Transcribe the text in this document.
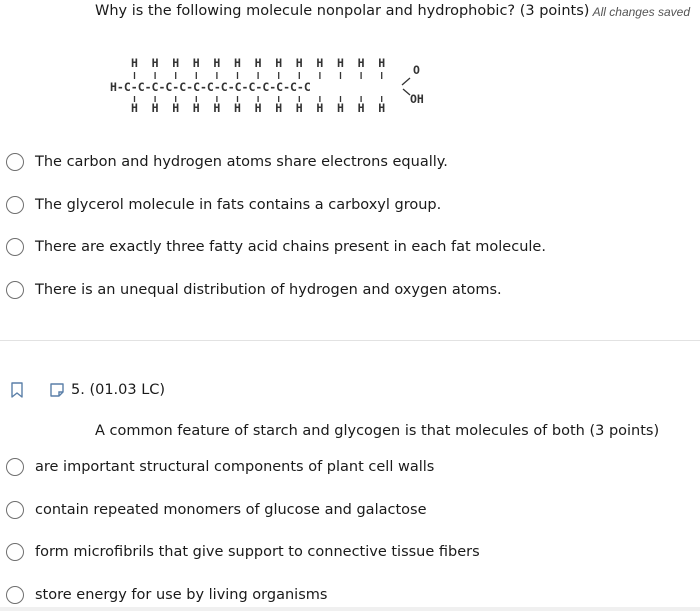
Why is the following molecule nonpolar and hydrophobic? (3 points) All changes saved
H H H H H H H H H H H H H
H H H H H H H H H H H H H
H-C-C-C-C-C-C-C-C-C-C-C-C-C-C
O
OH
The carbon and hydrogen atoms share electrons equally.
The glycerol molecule in fats contains a carboxyl group.
There are exactly three fatty acid chains present in each fat molecule.
There is an unequal distribution of hydrogen and oxygen atoms.
5. (01.03 LC)
A common feature of starch and glycogen is that molecules of both (3 points)
are important structural components of plant cell walls
contain repeated monomers of glucose and galactose
form microfibrils that give support to connective tissue fibers
store energy for use by living organisms
